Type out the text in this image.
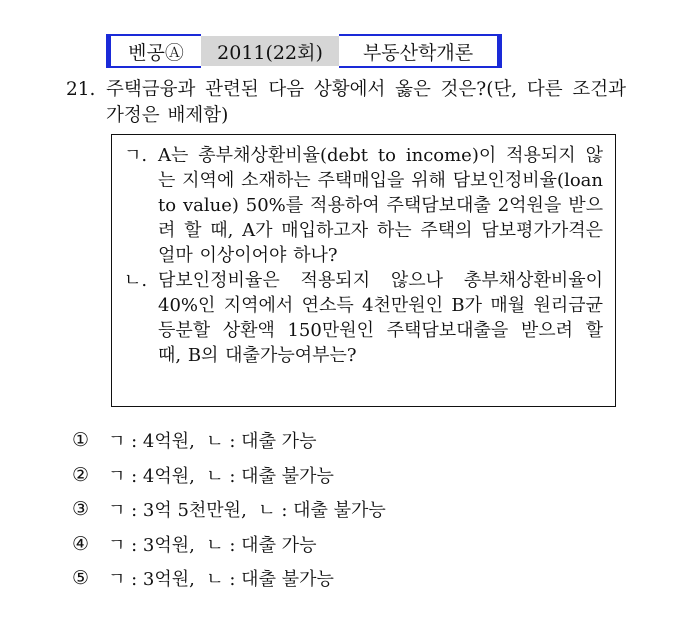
벤공Ⓐ	2011(22회)	부동산학개론
21. 주택금융과 관련된 다음 상황에서 옳은 것은?(단, 다른 조건과 가정은 배제함)
ㄱ. A는 총부채상환비율(debt to income)이 적용되지 않는 지역에 소재하는 주택매입을 위해 담보인정비율(loan to value) 50%를 적용하여 주택담보대출 2억원을 받으려 할 때, A가 매입하고자 하는 주택의 담보평가가격은 얼마 이상이어야 하나?
ㄴ. 담보인정비율은 적용되지 않으나 총부채상환비율이 40%인 지역에서 연소득 4천만원인 B가 매월 원리금균등분할 상환액 150만원인 주택담보대출을 받으려 할 때, B의 대출가능여부는?
①	ㄱ : 4억원,  ㄴ : 대출 가능
②	ㄱ : 4억원,  ㄴ : 대출 불가능
③	ㄱ : 3억 5천만원,  ㄴ : 대출 불가능
④	ㄱ : 3억원,  ㄴ : 대출 가능
⑤	ㄱ : 3억원,  ㄴ : 대출 불가능
